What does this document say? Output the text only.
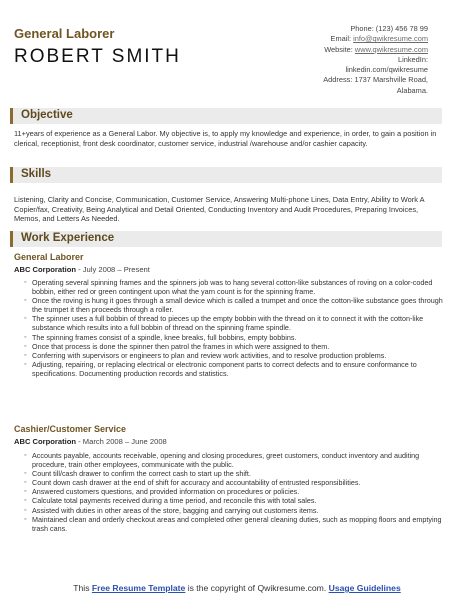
General Laborer
ROBERT SMITH
Phone: (123) 456 78 99
Email: info@qwikresume.com
Website: www.qwikresume.com
LinkedIn:
linkedin.com/qwikresume
Address: 1737 Marshville Road,
Alabama.
Objective
11+years of experience as a General Labor. My objective is, to apply my knowledge and experience, in order, to gain a position in clerical, receptionist, front desk coordinator, customer service, industrial /warehouse and/or cashier capacity.
Skills
Listening, Clarity and Concise, Communication, Customer Service, Answering Multi-phone Lines, Data Entry, Ability to Work A Copier/fax, Creativity, Being Analytical and Detail Oriented, Conducting Inventory and Audit Procedures, Preparing Invoices, Memos, and Letters As Needed.
Work Experience
General Laborer
ABC Corporation - July 2008 – Present
◦ Operating several spinning frames and the spinners job was to hang several cotton-like substances of roving on a color-coded bobbin, either red or green contingent upon what the yarn count is for the spinning frame.
◦ Once the roving is hung it goes through a small device which is called a trumpet and once the cotton-like substance goes through the trumpet it then proceeds through a roller.
◦ The spinner uses a full bobbin of thread to pieces up the empty bobbin with the thread on it to connect it with the cotton-like substance which results into a full bobbin of thread on the spinning frame spindle.
◦ The spinning frames consist of a spindle, knee breaks, full bobbins, empty bobbins.
◦ Once that process is done the spinner then patrol the frames in which were assigned to them.
◦ Conferring with supervisors or engineers to plan and review work activities, and to resolve production problems.
◦ Adjusting, repairing, or replacing electrical or electronic component parts to correct defects and to ensure conformance to specifications. Documenting production records and statistics.
Cashier/Customer Service
ABC Corporation - March 2008 – June 2008
◦ Accounts payable, accounts receivable, opening and closing procedures, greet customers, conduct inventory and auditing procedure, train other employees, communicate with the public.
◦ Count till/cash drawer to confirm the correct cash to start up the shift.
◦ Count down cash drawer at the end of shift for accuracy and accountability of entrusted responsibilities.
◦ Answered customers questions, and provided information on procedures or policies.
◦ Calculate total payments received during a time period, and reconcile this with total sales.
◦ Assisted with duties in other areas of the store, bagging and carrying out customers items.
◦ Maintained clean and orderly checkout areas and completed other general cleaning duties, such as mopping floors and emptying trash cans.
This Free Resume Template is the copyright of Qwikresume.com. Usage Guidelines
